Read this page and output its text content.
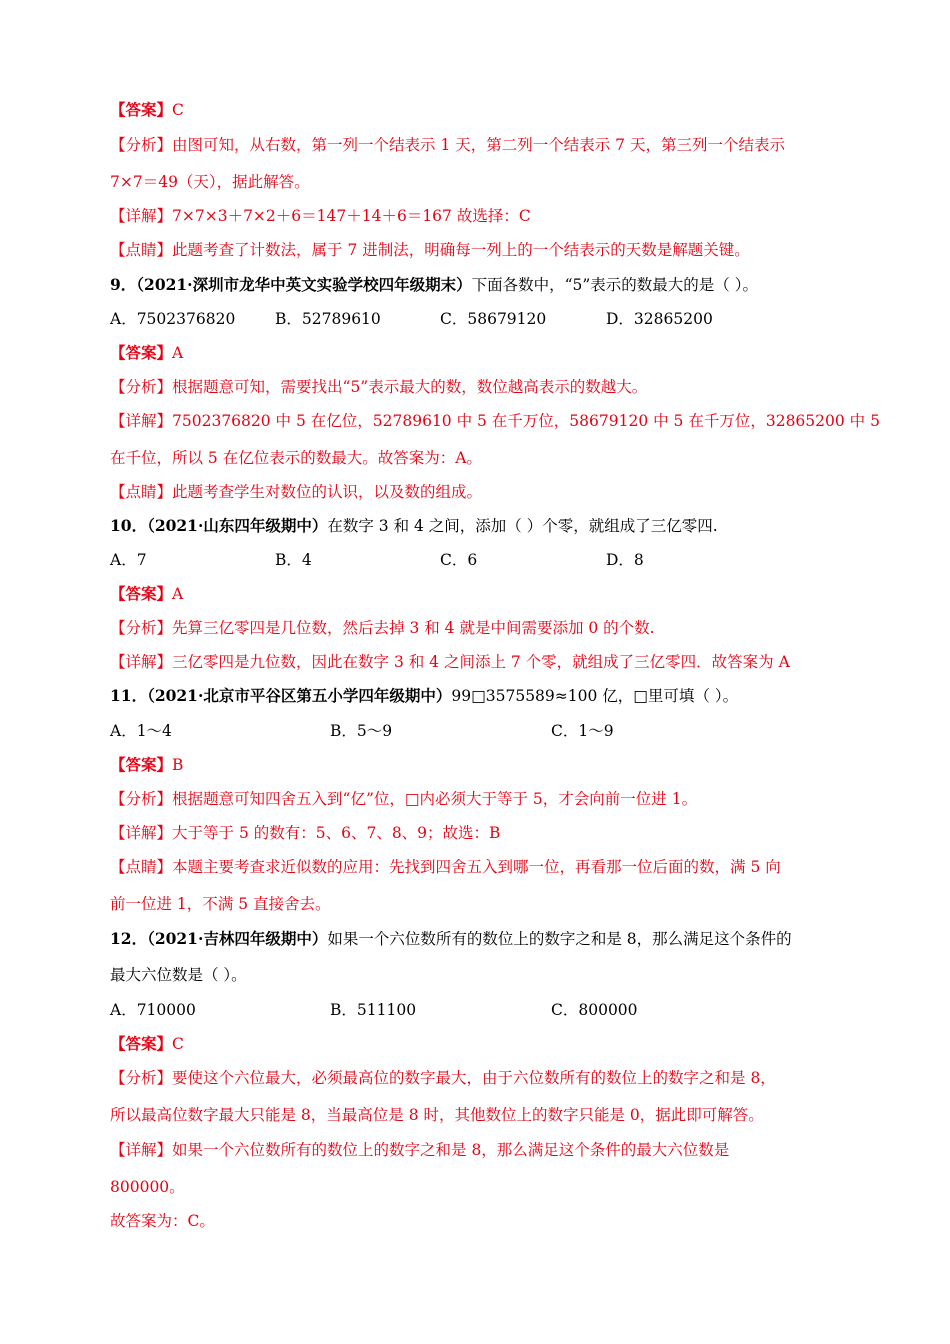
【答案】C
【分析】由图可知，从右数，第一列一个结表示 1 天，第二列一个结表示 7 天，第三列一个结表示
7×7＝49（天），据此解答。
【详解】7×7×3＋7×2＋6＝147＋14＋6＝167 故选择：C
【点睛】此题考查了计数法，属于 7 进制法，明确每一列上的一个结表示的天数是解题关键。
9．（2021·深圳市龙华中英文实验学校四年级期末）下面各数中，“5”表示的数最大的是（ ）。
A．7502376820	B．52789610	C．58679120	D．32865200
【答案】A
【分析】根据题意可知，需要找出“5”表示最大的数，数位越高表示的数越大。
【详解】7502376820 中 5 在亿位，52789610 中 5 在千万位，58679120 中 5 在千万位，32865200 中 5
在千位，所以 5 在亿位表示的数最大。故答案为：A。
【点睛】此题考查学生对数位的认识，以及数的组成。
10．（2021·山东四年级期中）在数字 3 和 4 之间，添加（ ）个零，就组成了三亿零四.
A．7	B．4	C．6	D．8
【答案】A
【分析】先算三亿零四是几位数，然后去掉 3 和 4 就是中间需要添加 0 的个数.
【详解】三亿零四是九位数，因此在数字 3 和 4 之间添上 7 个零，就组成了三亿零四．故答案为 A
11．（2021·北京市平谷区第五小学四年级期中）99□3575589≈100 亿，□里可填（ ）。
A．1～4	B．5～9	C．1～9
【答案】B
【分析】根据题意可知四舍五入到“亿”位，□内必须大于等于 5，才会向前一位进 1。
【详解】大于等于 5 的数有：5、6、7、8、9；故选：B
【点睛】本题主要考查求近似数的应用：先找到四舍五入到哪一位，再看那一位后面的数，满 5 向
前一位进 1，不满 5 直接舍去。
12．（2021·吉林四年级期中）如果一个六位数所有的数位上的数字之和是 8，那么满足这个条件的
最大六位数是（ ）。
A．710000	B．511100	C．800000
【答案】C
【分析】要使这个六位最大，必须最高位的数字最大，由于六位数所有的数位上的数字之和是 8，
所以最高位数字最大只能是 8，当最高位是 8 时，其他数位上的数字只能是 0，据此即可解答。
【详解】如果一个六位数所有的数位上的数字之和是 8，那么满足这个条件的最大六位数是
800000。
故答案为：C。
